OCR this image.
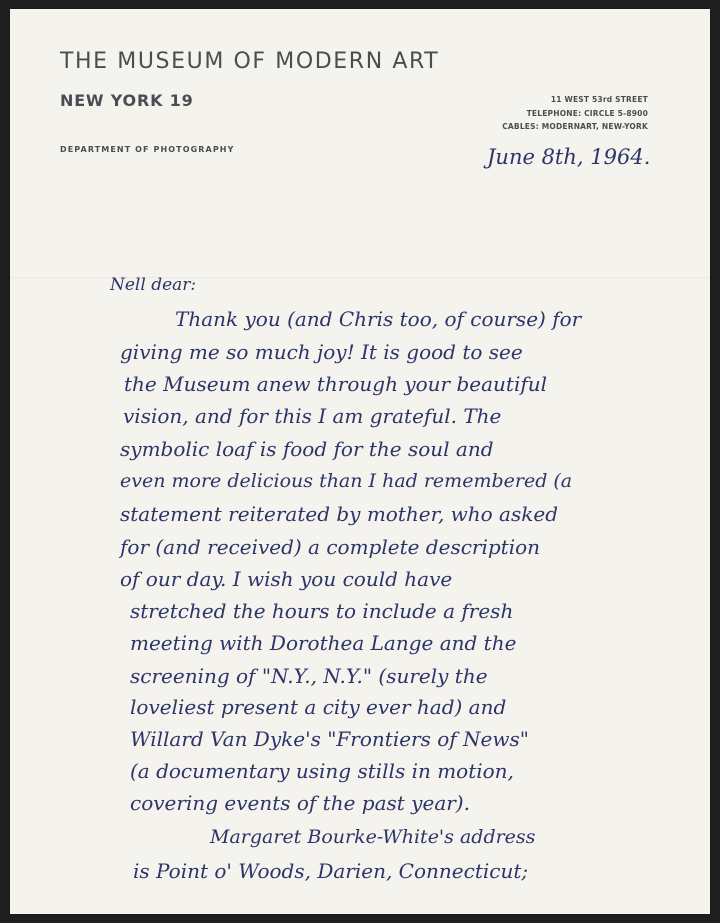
THE MUSEUM OF MODERN ART
NEW YORK 19
DEPARTMENT OF PHOTOGRAPHY
11 WEST 53rd STREET
TELEPHONE: CIRCLE 5-8900
CABLES: MODERNART, NEW-YORK
June 8th, 1964.
Nell dear:
Thank you (and Chris too, of course) for
giving me so much joy! It is good to see
the Museum anew through your beautiful
vision, and for this I am grateful. The
symbolic loaf is food for the soul and
even more delicious than I had remembered (a
statement reiterated by mother, who asked
for (and received) a complete description
of our day. I wish you could have
stretched the hours to include a fresh
meeting with Dorothea Lange and the
screening of "N.Y., N.Y." (surely the
loveliest present a city ever had) and
Willard Van Dyke's "Frontiers of News"
(a documentary using stills in motion,
covering events of the past year).
Margaret Bourke-White's address
is Point o' Woods, Darien, Connecticut;
